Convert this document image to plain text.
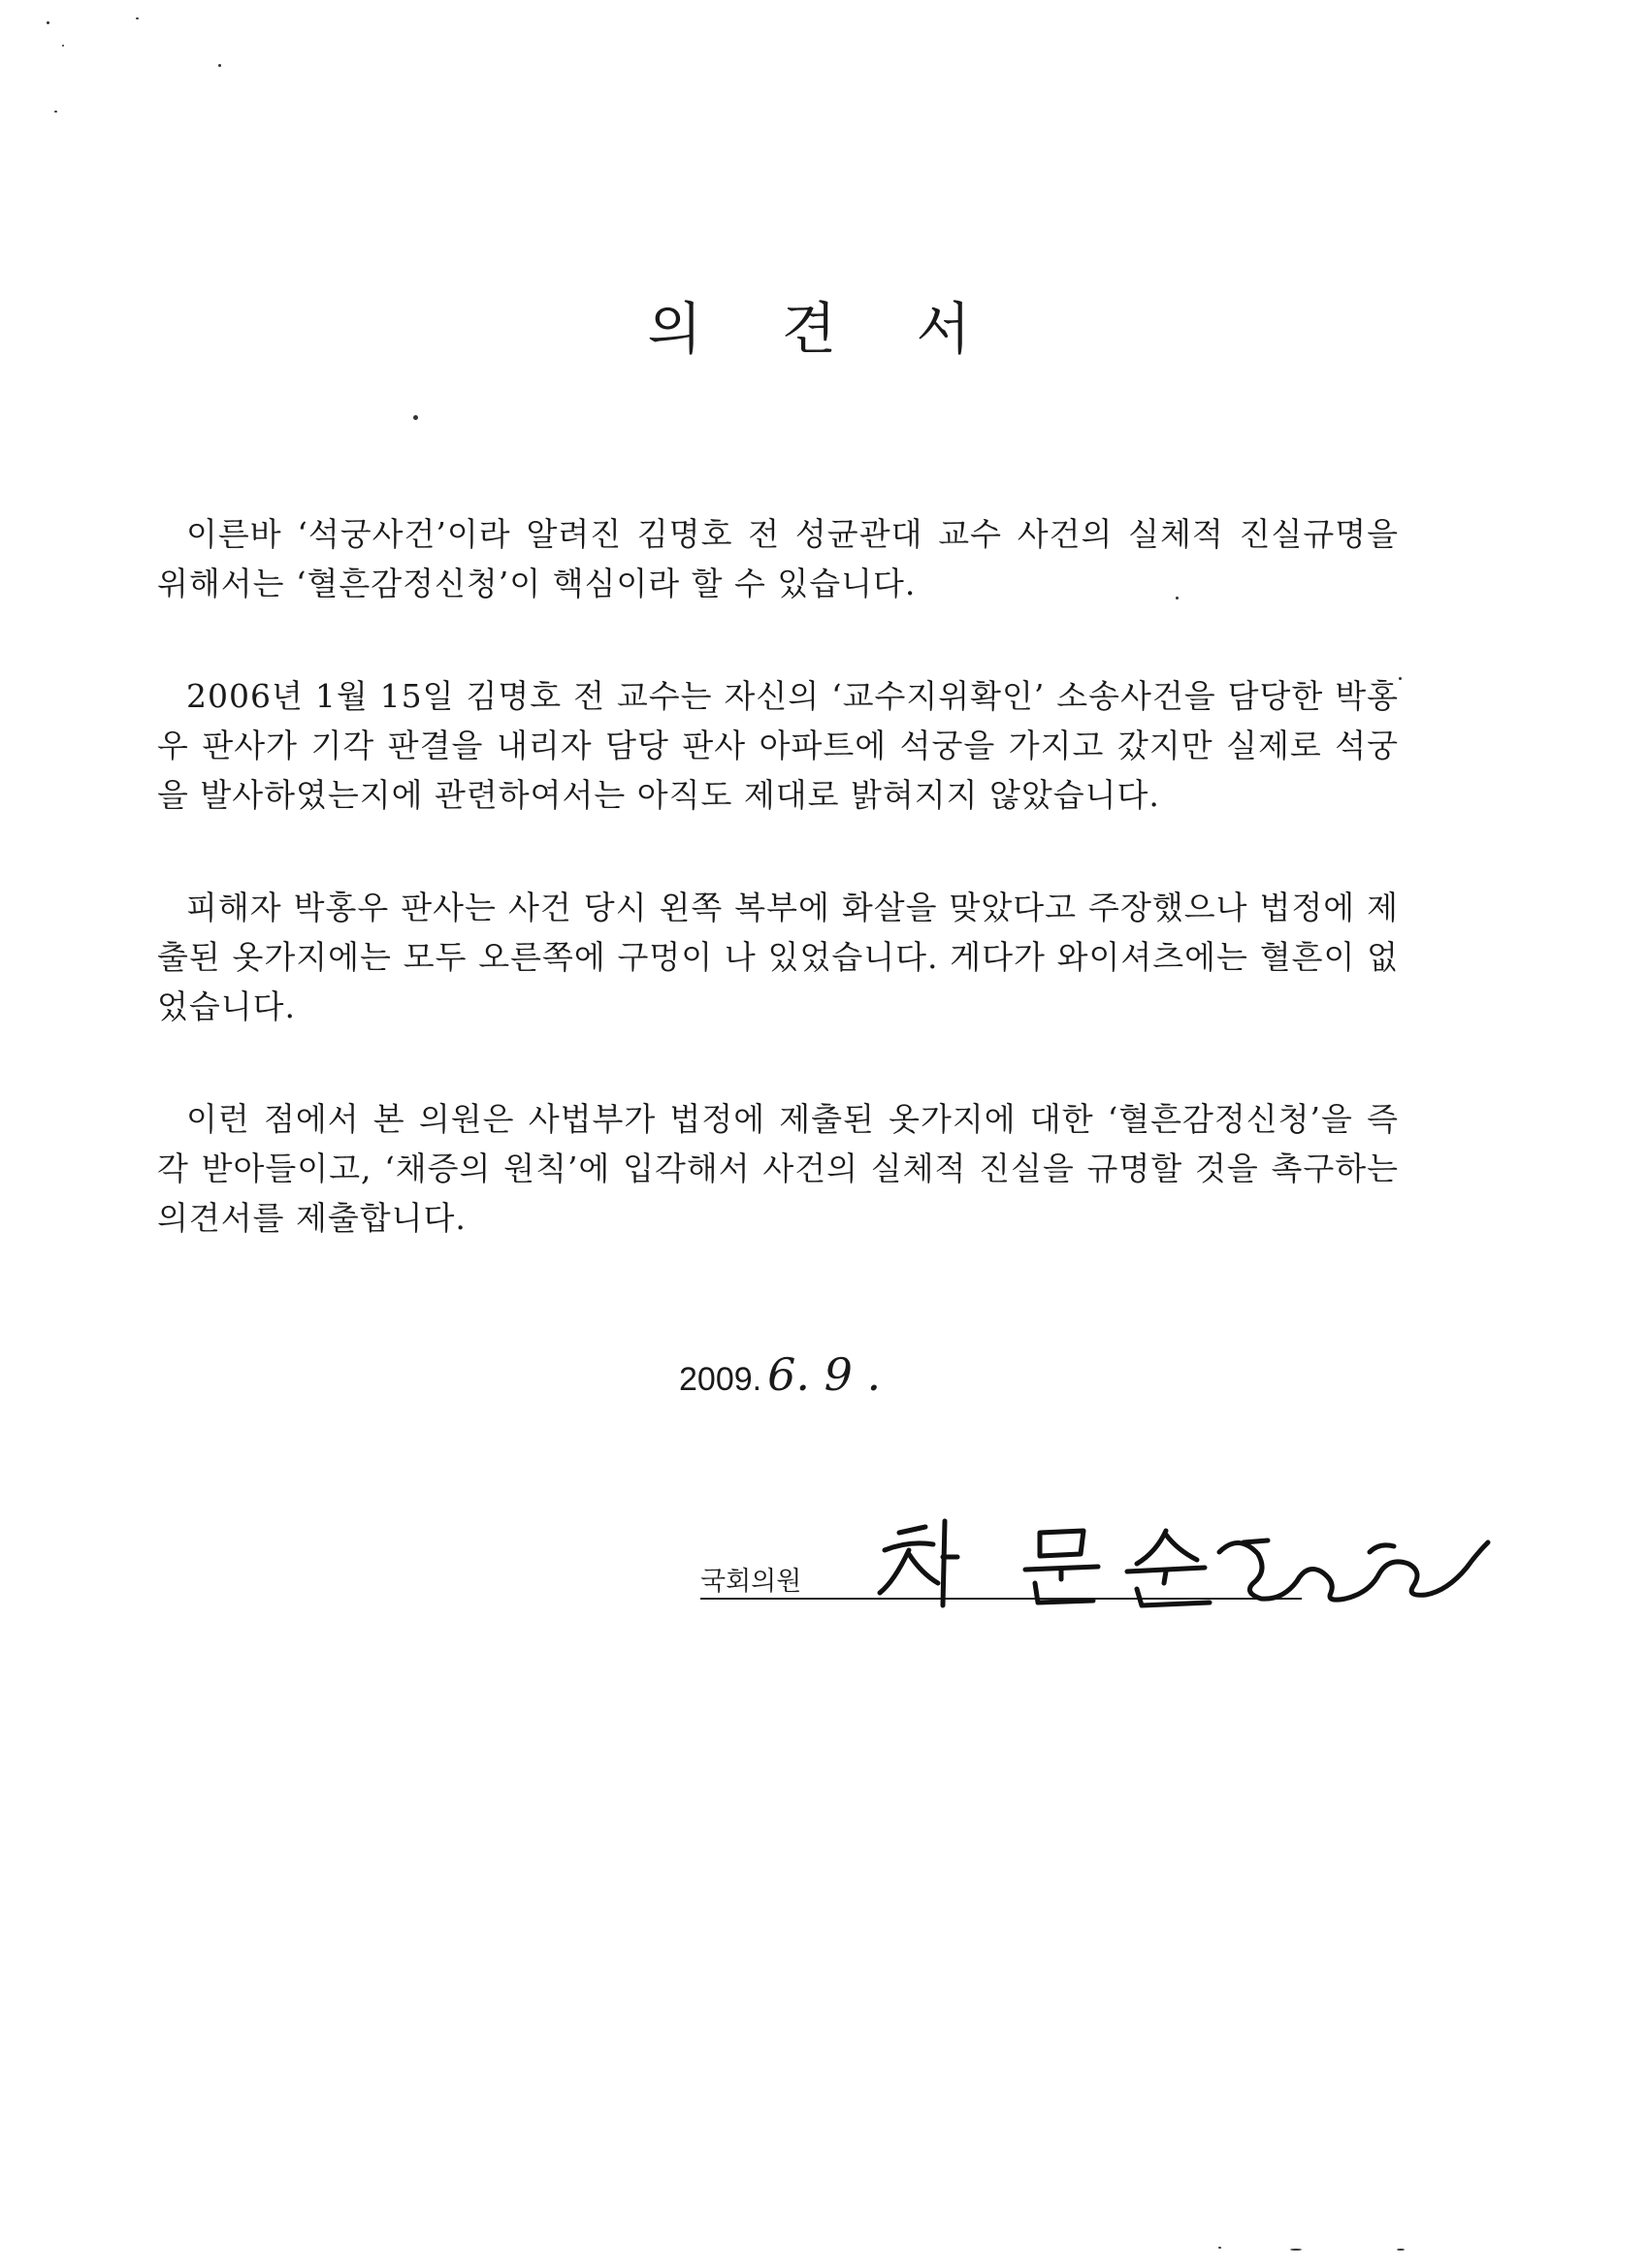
의 견 서

이른바 ‘석궁사건’이라 알려진 김명호 전 성균관대 교수 사건의 실체적 진실규명을 위해서는 ‘혈흔감정신청’이 핵심이라 할 수 있습니다.

2006년 1월 15일 김명호 전 교수는 자신의 ‘교수지위확인’ 소송사건을 담당한 박홍우 판사가 기각 판결을 내리자 담당 판사 아파트에 석궁을 가지고 갔지만 실제로 석궁을 발사하였는지에 관련하여서는 아직도 제대로 밝혀지지 않았습니다.

피해자 박홍우 판사는 사건 당시 왼쪽 복부에 화살을 맞았다고 주장했으나 법정에 제출된 옷가지에는 모두 오른쪽에 구멍이 나 있었습니다. 게다가 와이셔츠에는 혈흔이 없었습니다.

이런 점에서 본 의원은 사법부가 법정에 제출된 옷가지에 대한 ‘혈흔감정신청’을 즉각 받아들이고, ‘채증의 원칙’에 입각해서 사건의 실체적 진실을 규명할 것을 촉구하는 의견서를 제출합니다.

2009. 6. 9 .
국회의원
